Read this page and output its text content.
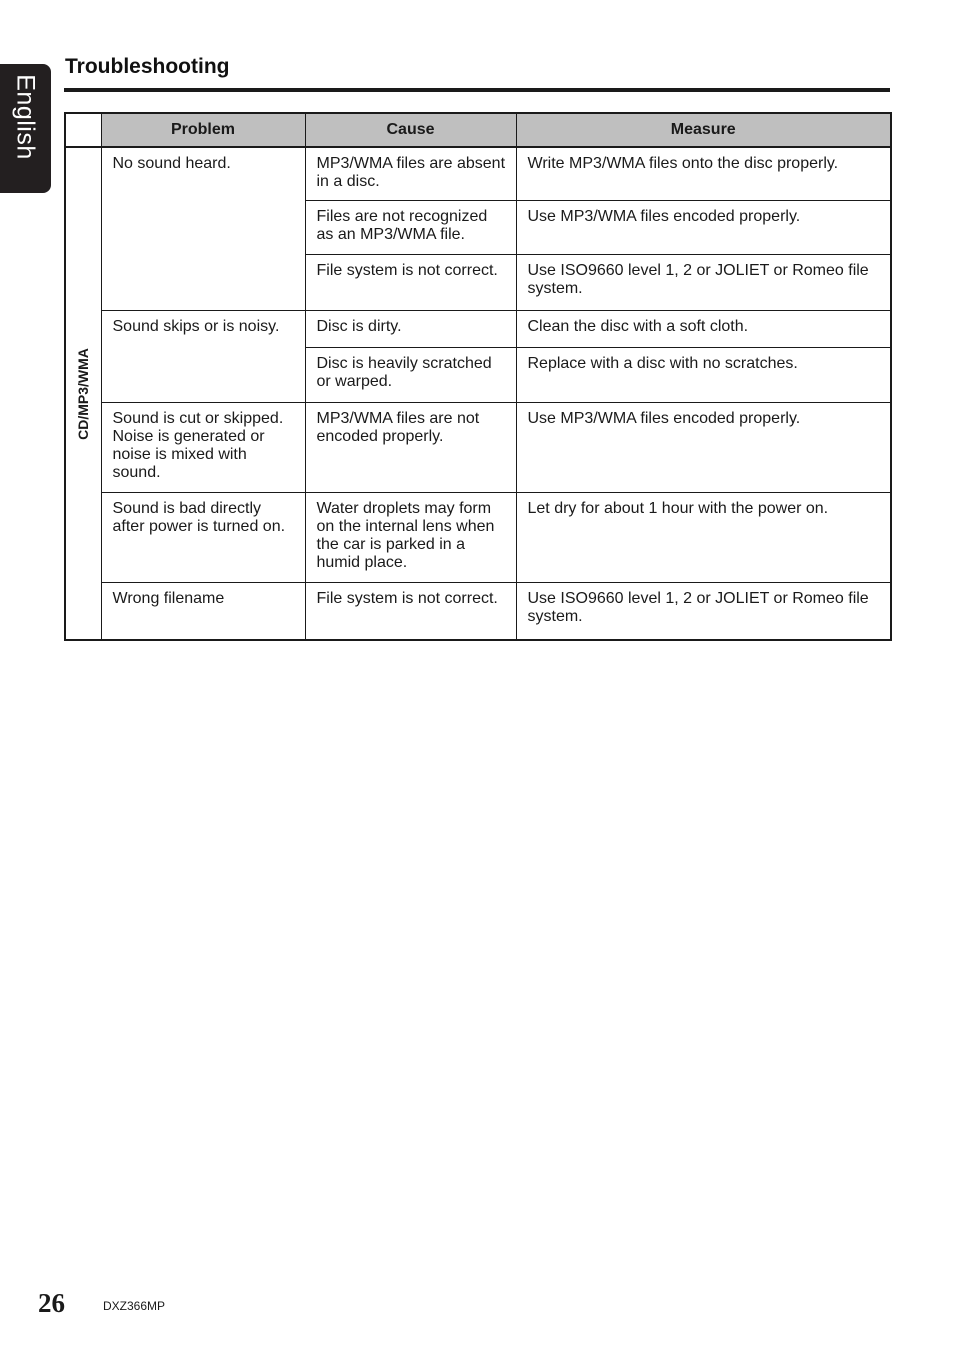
English
Troubleshooting
	Problem	Cause	Measure

CD/MP3/WMA	No sound heard.	MP3/WMA files are absent in a disc.	Write MP3/WMA files onto the disc properly.
		Files are not recognized as an MP3/WMA file.	Use MP3/WMA files encoded properly.
		File system is not correct.	Use ISO9660 level 1, 2 or JOLIET or Romeo file system.
	Sound skips or is noisy.	Disc is dirty.	Clean the disc with a soft cloth.
		Disc is heavily scratched or warped.	Replace with a disc with no scratches.
	Sound is cut or skipped. Noise is generated or noise is mixed with sound.	MP3/WMA files are not encoded properly.	Use MP3/WMA files encoded properly.
	Sound is bad directly after power is turned on.	Water droplets may form on the internal lens when the car is parked in a humid place.	Let dry for about 1 hour with the power on.
	Wrong filename	File system is not correct.	Use ISO9660 level 1, 2 or JOLIET or Romeo file system.
26	DXZ366MP
